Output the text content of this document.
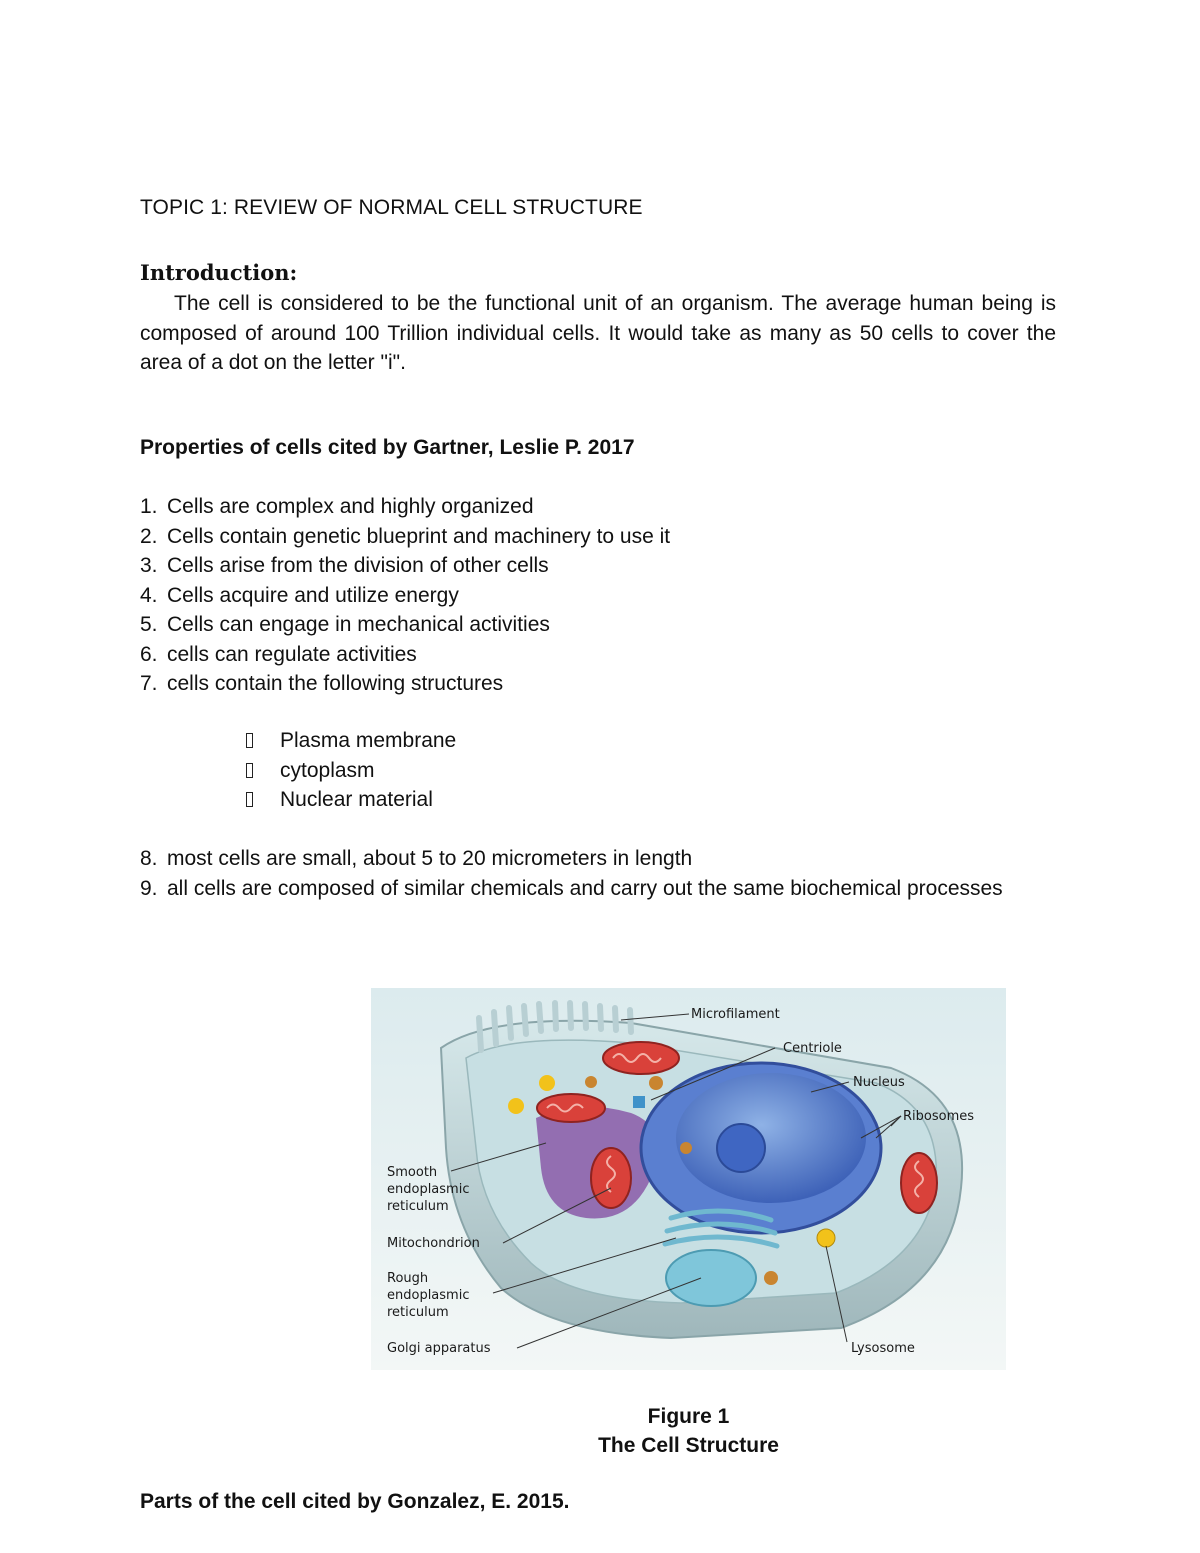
TOPIC 1: REVIEW OF NORMAL CELL STRUCTURE
Introduction:

The cell is considered to be the functional unit of an organism. The average human being is composed of around 100 Trillion individual cells. It would take as many as 50 cells to cover the area of a dot on the letter "i".

Properties of cells cited by Gartner, Leslie P. 2017
1. Cells are complex and highly organized
2. Cells contain genetic blueprint and machinery to use it
3. Cells arise from the division of other cells
4. Cells acquire and utilize energy
5. Cells can engage in mechanical activities
6. cells can regulate activities
7. cells contain the following structures
Plasma membrane
cytoplasm
Nuclear material
8. most cells are small, about 5 to 20 micrometers in length
9. all cells are composed of similar chemicals and carry out the same biochemical processes
Microfilament
Centriole
Nucleus
Ribosomes
Smooth
endoplasmic
reticulum
Mitochondrion
Rough
endoplasmic
reticulum
Golgi apparatus	Lysosome
Figure 1
The Cell Structure
Parts of the cell cited by Gonzalez, E. 2015.
